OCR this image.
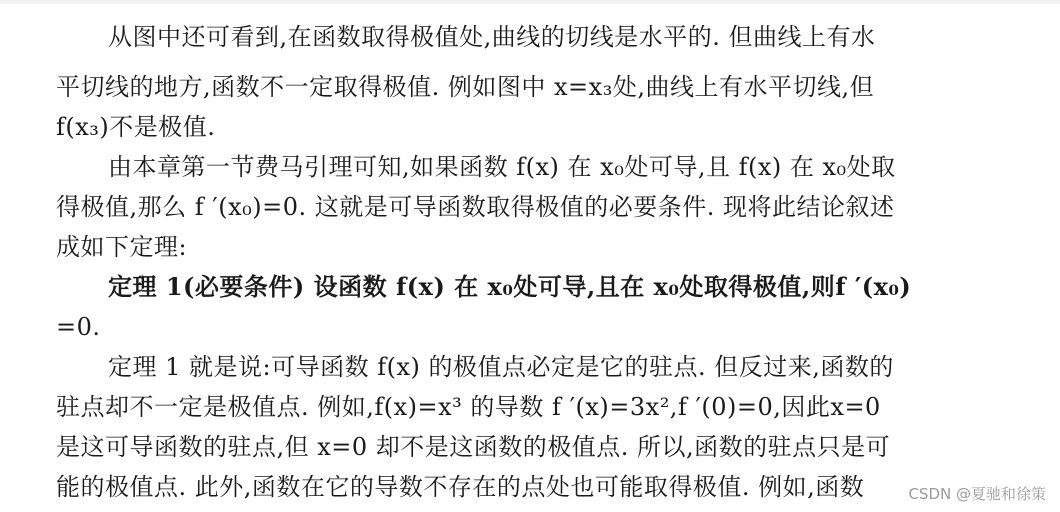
从图中还可看到,在函数取得极值处,曲线的切线是水平的. 但曲线上有水
平切线的地方,函数不一定取得极值. 例如图中 x=x₃处,曲线上有水平切线,但
f(x₃)不是极值.
由本章第一节费马引理可知,如果函数 f(x) 在 x₀处可导,且 f(x) 在 x₀处取
得极值,那么 f ′(x₀)=0. 这就是可导函数取得极值的必要条件. 现将此结论叙述
成如下定理:
定理 1(必要条件) 设函数 f(x) 在 x₀处可导,且在 x₀处取得极值,则f ′(x₀)
=0.
定理 1 就是说:可导函数 f(x) 的极值点必定是它的驻点. 但反过来,函数的
驻点却不一定是极值点. 例如,f(x)=x³ 的导数 f ′(x)=3x²,f ′(0)=0,因此x=0
是这可导函数的驻点,但 x=0 却不是这函数的极值点. 所以,函数的驻点只是可
能的极值点. 此外,函数在它的导数不存在的点处也可能取得极值. 例如,函数	CSDN @夏驰和徐策
